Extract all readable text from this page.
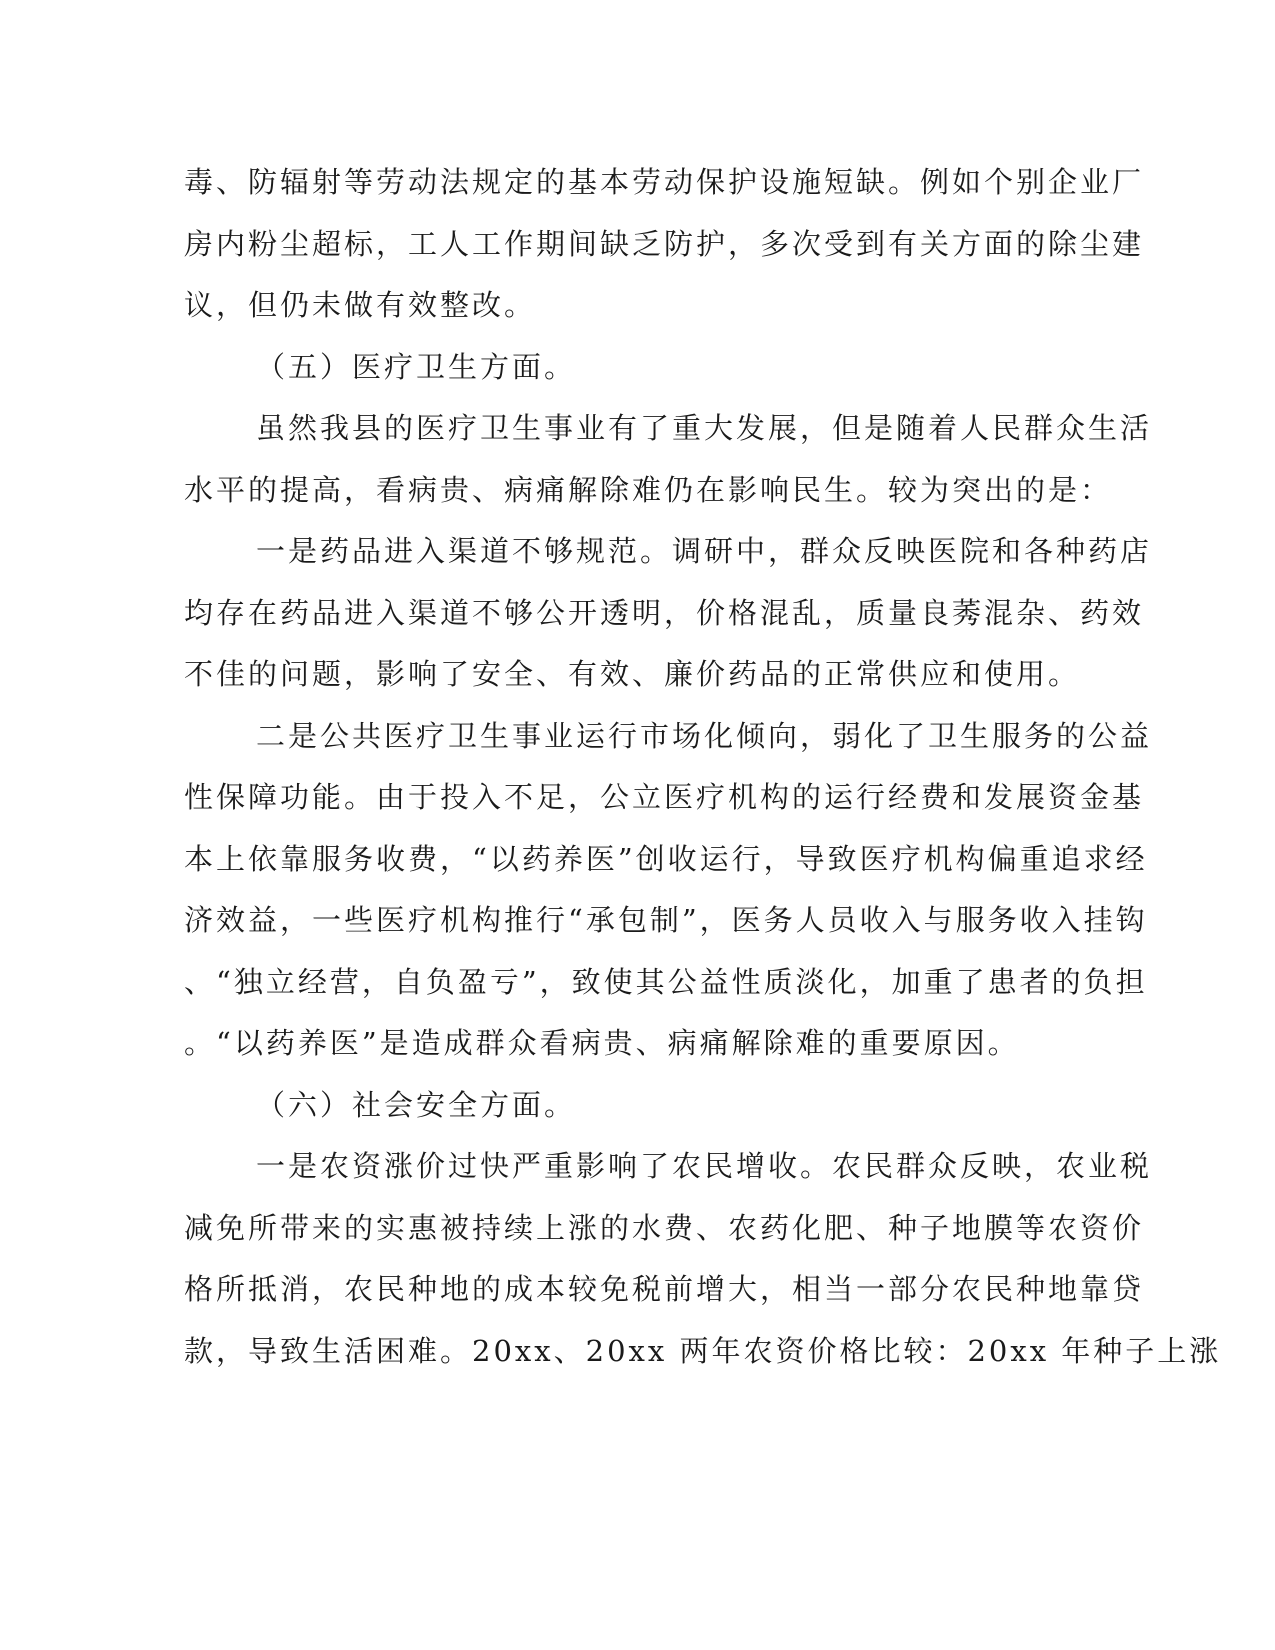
毒、防辐射等劳动法规定的基本劳动保护设施短缺。例如个别企业厂
房内粉尘超标，工人工作期间缺乏防护，多次受到有关方面的除尘建
议，但仍未做有效整改。
（五）医疗卫生方面。
虽然我县的医疗卫生事业有了重大发展，但是随着人民群众生活
水平的提高，看病贵、病痛解除难仍在影响民生。较为突出的是：
一是药品进入渠道不够规范。调研中，群众反映医院和各种药店
均存在药品进入渠道不够公开透明，价格混乱，质量良莠混杂、药效
不佳的问题，影响了安全、有效、廉价药品的正常供应和使用。
二是公共医疗卫生事业运行市场化倾向，弱化了卫生服务的公益
性保障功能。由于投入不足，公立医疗机构的运行经费和发展资金基
本上依靠服务收费，“以药养医”创收运行，导致医疗机构偏重追求经
济效益，一些医疗机构推行“承包制”，医务人员收入与服务收入挂钩
、“独立经营，自负盈亏”，致使其公益性质淡化，加重了患者的负担
。“以药养医”是造成群众看病贵、病痛解除难的重要原因。
（六）社会安全方面。
一是农资涨价过快严重影响了农民增收。农民群众反映，农业税
减免所带来的实惠被持续上涨的水费、农药化肥、种子地膜等农资价
格所抵消，农民种地的成本较免税前增大，相当一部分农民种地靠贷
款，导致生活困难。20xx、20xx 两年农资价格比较：20xx 年种子上涨
